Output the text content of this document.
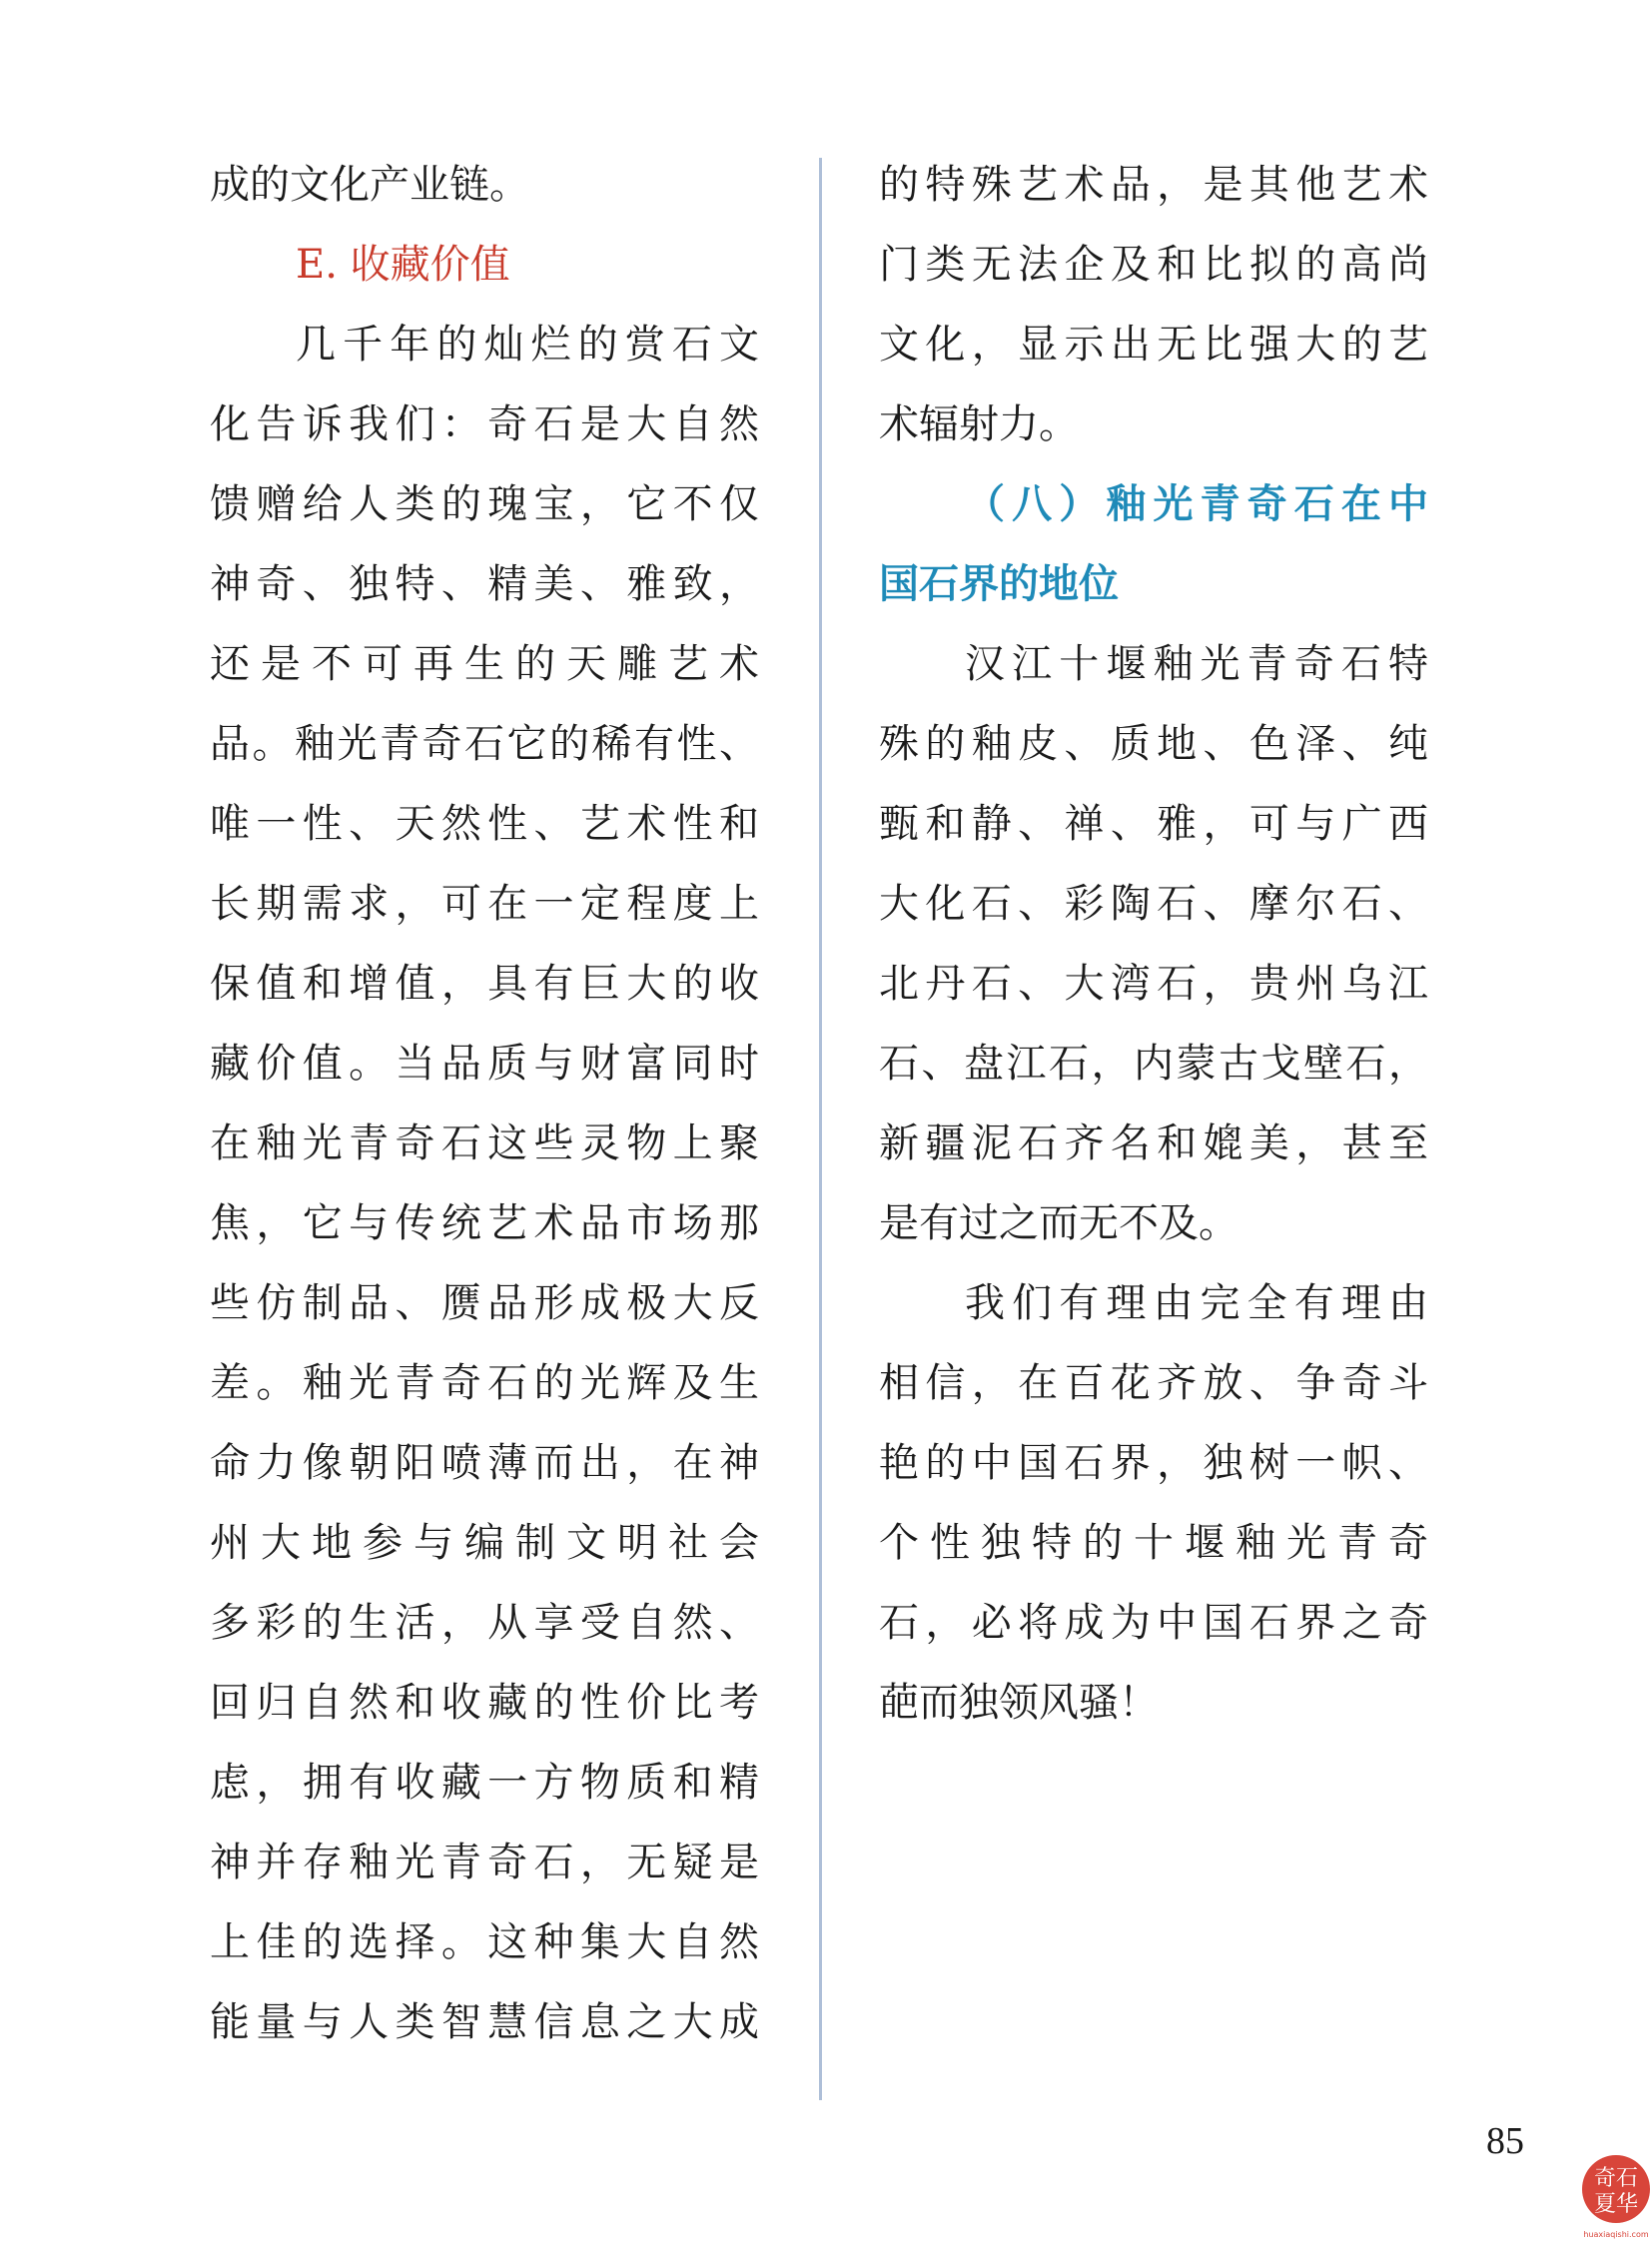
成的文化产业链。
E. 收藏价值
几千年的灿烂的赏石文
化告诉我们：奇石是大自然
馈赠给人类的瑰宝，它不仅
神奇、独特、精美、雅致，
还是不可再生的天雕艺术
品。釉光青奇石它的稀有性、
唯一性、天然性、艺术性和
长期需求，可在一定程度上
保值和增值，具有巨大的收
藏价值。当品质与财富同时
在釉光青奇石这些灵物上聚
焦，它与传统艺术品市场那
些仿制品、赝品形成极大反
差。釉光青奇石的光辉及生
命力像朝阳喷薄而出，在神
州大地参与编制文明社会
多彩的生活，从享受自然、
回归自然和收藏的性价比考
虑，拥有收藏一方物质和精
神并存釉光青奇石，无疑是
上佳的选择。这种集大自然
能量与人类智慧信息之大成
的特殊艺术品，是其他艺术
门类无法企及和比拟的高尚
文化，显示出无比强大的艺
术辐射力。
（八）釉光青奇石在中
国石界的地位
汉江十堰釉光青奇石特
殊的釉皮、质地、色泽、纯
甄和静、禅、雅，可与广西
大化石、彩陶石、摩尔石、
北丹石、大湾石，贵州乌江
石、盘江石，内蒙古戈壁石，
新疆泥石齐名和媲美，甚至
是有过之而无不及。
我们有理由完全有理由
相信，在百花齐放、争奇斗
艳的中国石界，独树一帜、
个性独特的十堰釉光青奇
石，必将成为中国石界之奇
葩而独领风骚！
85
奇石
夏华
huaxiaqishi.com
